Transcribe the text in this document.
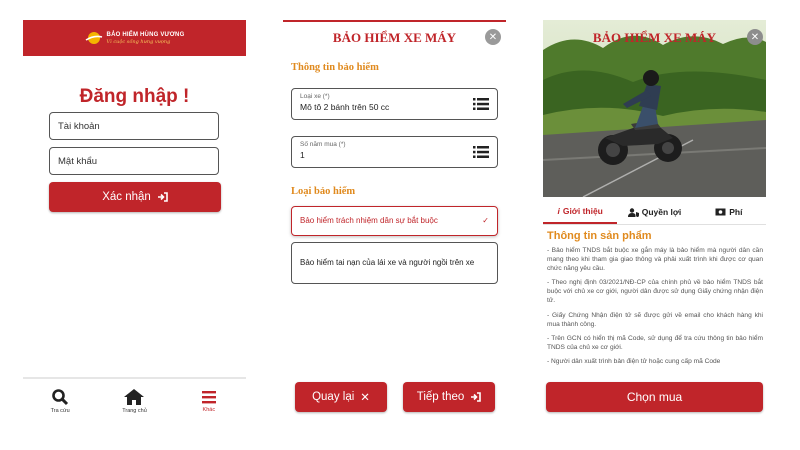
BẢO HIỂM HÙNG VƯƠNG
Vì cuộc sống hưng vượng
Đăng nhập !
Tài khoản
Mật khẩu
Xác nhận
Tra cứu	Trang chủ	Khác
BẢO HIỂM XE MÁY	✕
Thông tin bảo hiểm
Loại xe (*)
Mô tô 2 bánh trên 50 cc
Số năm mua (*)
1
Loại bảo hiểm
Bảo hiểm trách nhiệm dân sự bắt buộc	✓
Bảo hiểm tai nạn của lái xe và người ngồi trên xe
Quay lại ✕	Tiếp theo
BẢO HIỂM XE MÁY	✕
i Giới thiệu	Quyền lợi	Phí
Thông tin sản phẩm

- Bảo hiểm TNDS bắt buộc xe gắn máy là bảo hiểm mà người dân cần mang theo khi tham gia giao thông và phải xuất trình khi được cơ quan chức năng yêu cầu.

- Theo nghị định 03/2021/NĐ-CP của chính phủ về bảo hiểm TNDS bắt buộc với chủ xe cơ giới, người dân được sử dụng Giấy chứng nhận điện tử.

- Giấy Chứng Nhận điện tử sẽ được gửi về email cho khách hàng khi mua thành công.

- Trên GCN có hiển thị mã Code, sử dụng để tra cứu thông tin bảo hiểm TNDS của chủ xe cơ giới.

- Người dân xuất trình bản điện tử hoặc cung cấp mã Code

Chọn mua
